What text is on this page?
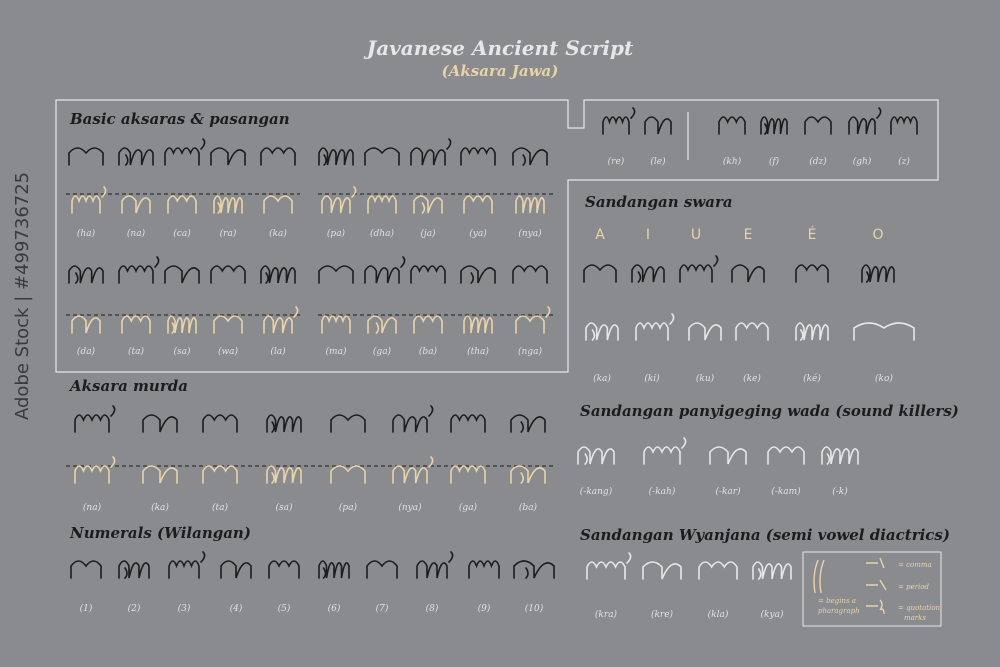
Javanese Ancient Script
(Aksara Jawa)
Basic aksaras & pasangan
Aksara murda
Numerals (Wilangan)
Sandangan swara
Sandangan panyigeging wada (sound killers)
Sandangan Wyanjana (semi vowel diactrics)
(ha)	(na)	(ca)	(ra)	(ka)	(pa)	(dha)	(ja)	(ya)	(nya)
(da)	(ta)	(sa)	(wa)	(la)	(ma)	(ga)	(ba)	(tha)	(nga)
(re)	(le)	(kh)	(f)	(dz)	(gh)	(z)
A	I	U	E	É	O
(ka)	(ki)	(ku)	(ke)	(ké)	(ko)
(na)	(ka)	(ta)	(sa)	(pa)	(nya)	(ga)	(ba)
(1)	(2)	(3)	(4)	(5)	(6)	(7)	(8)	(9)	(10)
(-kang)	(-kah)	(-kar)	(-kam)	(-k)
(kra)	(kre)	(kla)	(kya)
= begins a
pharagraph
= comma
= period
= quotation
marks
Adobe Stock | #499736725
